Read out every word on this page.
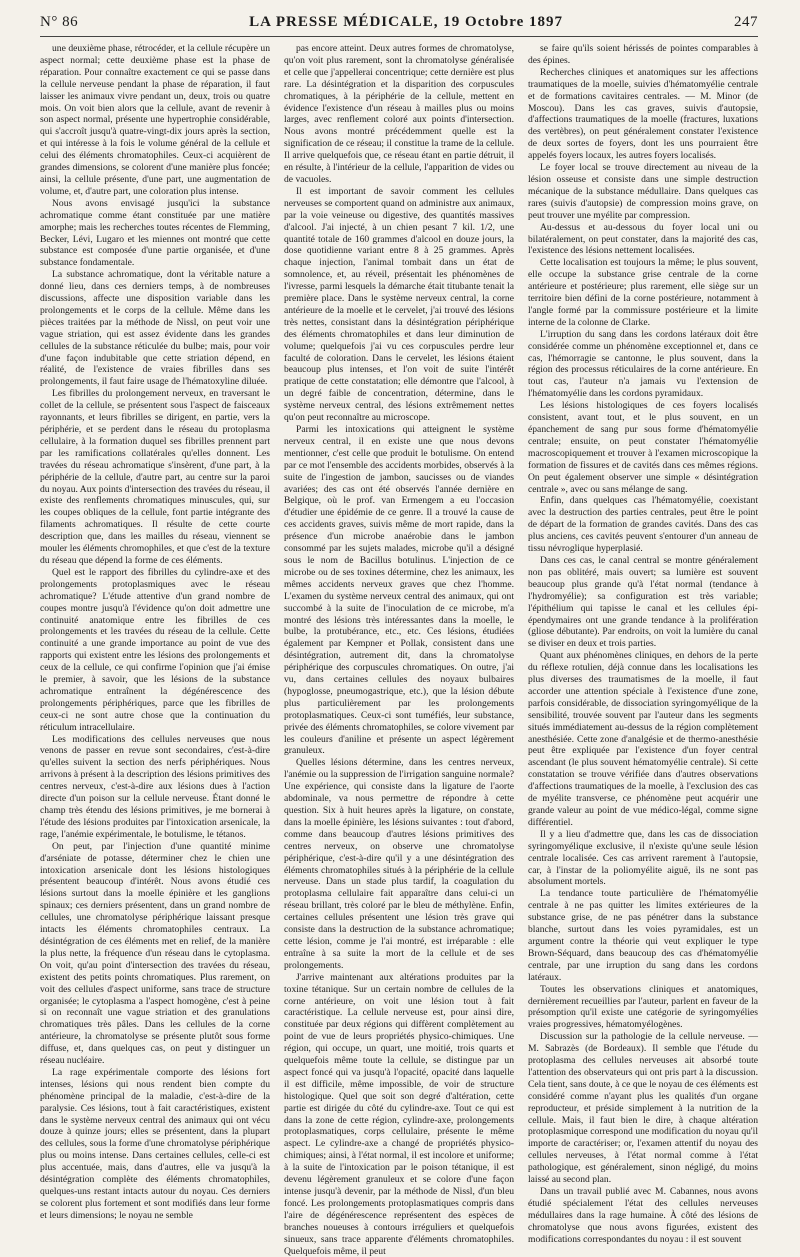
N° 86	LA PRESSE MÉDICALE, 19 Octobre 1897	247

une deuxième phase, rétrocéder, et la cellule récupère un aspect normal; cette deuxième phase est la phase de réparation. Pour connaître exactement ce qui se passe dans la cellule nerveuse pendant la phase de réparation, il faut laisser les animaux vivre pendant un, deux, trois ou quatre mois. On voit bien alors que la cellule, avant de revenir à son aspect normal, présente une hypertrophie considérable, qui s'accroît jusqu'à quatre-vingt-dix jours après la section, et qui intéresse à la fois le volume général de la cellule et celui des éléments chromatophiles. Ceux-ci acquièrent de grandes dimensions, se colorent d'une manière plus foncée; ainsi, la cellule présente, d'une part, une augmentation de volume, et, d'autre part, une coloration plus intense.

Nous avons envisagé jusqu'ici la substance achromatique comme étant constituée par une matière amorphe; mais les recherches toutes récentes de Flemming, Becker, Lévi, Lugaro et les miennes ont montré que cette substance est composée d'une partie organisée, et d'une substance fondamentale.

La substance achromatique, dont la véritable nature a donné lieu, dans ces derniers temps, à de nombreuses discussions, affecte une disposition variable dans les prolongements et le corps de la cellule. Même dans les pièces traitées par la méthode de Nissl, on peut voir une vague striation, qui est assez évidente dans les grandes cellules de la substance réticulée du bulbe; mais, pour voir d'une façon indubitable que cette striation dépend, en réalité, de l'existence de vraies fibrilles dans ses prolongements, il faut faire usage de l'hématoxyline diluée.

Les fibrilles du prolongement nerveux, en traversant le collet de la cellule, se présentent sous l'aspect de faisceaux rayonnants, et leurs fibrilles se dirigent, en partie, vers la périphérie, et se perdent dans le réseau du protoplasma cellulaire, à la formation duquel ses fibrilles prennent part par les ramifications collatérales qu'elles donnent. Les travées du réseau achromatique s'insèrent, d'une part, à la périphérie de la cellule, d'autre part, au centre sur la paroi du noyau. Aux points d'intersection des travées du réseau, il existe des renflements chromatiques minuscules, qui, sur les coupes obliques de la cellule, font partie intégrante des filaments achromatiques. Il résulte de cette courte description que, dans les mailles du réseau, viennent se mouler les éléments chromophiles, et que c'est de la texture du réseau que dépend la forme de ces éléments.

Quel est le rapport des fibrilles du cylindre-axe et des prolongements protoplasmiques avec le réseau achromatique? L'étude attentive d'un grand nombre de coupes montre jusqu'à l'évidence qu'on doit admettre une continuité anatomique entre les fibrilles de ces prolongements et les travées du réseau de la cellule. Cette continuité a une grande importance au point de vue des rapports qui existent entre les lésions des prolongements et ceux de la cellule, ce qui confirme l'opinion que j'ai émise le premier, à savoir, que les lésions de la substance achromatique entraînent la dégénérescence des prolongements périphériques, parce que les fibrilles de ceux-ci ne sont autre chose que la continuation du réticulum intracellulaire.

Les modifications des cellules nerveuses que nous venons de passer en revue sont secondaires, c'est-à-dire qu'elles suivent la section des nerfs périphériques. Nous arrivons à présent à la description des lésions primitives des centres nerveux, c'est-à-dire aux lésions dues à l'action directe d'un poison sur la cellule nerveuse. Étant donné le champ très étendu des lésions primitives, je me bornerai à l'étude des lésions produites par l'intoxication arsenicale, la rage, l'anémie expérimentale, le botulisme, le tétanos.

On peut, par l'injection d'une quantité minime d'arséniate de potasse, déterminer chez le chien une intoxication arsenicale dont les lésions histologiques présentent beaucoup d'intérêt. Nous avons étudié ces lésions surtout dans la moelle épinière et les ganglions spinaux; ces derniers présentent, dans un grand nombre de cellules, une chromatolyse périphérique laissant presque intacts les éléments chromatophiles centraux. La désintégration de ces éléments met en relief, de la manière la plus nette, la fréquence d'un réseau dans le cytoplasma. On voit, qu'au point d'intersection des travées du réseau, existent des petits points chromatiques. Plus rarement, on voit des cellules d'aspect uniforme, sans trace de structure organisée; le cytoplasma a l'aspect homogène, c'est à peine si on reconnaît une vague striation et des granulations chromatiques très pâles. Dans les cellules de la corne antérieure, la chromatolyse se présente plutôt sous forme diffuse, et, dans quelques cas, on peut y distinguer un réseau nucléaire.

La rage expérimentale comporte des lésions fort intenses, lésions qui nous rendent bien compte du phénomène principal de la maladie, c'est-à-dire de la paralysie. Ces lésions, tout à fait caractéristiques, existent dans le système nerveux central des animaux qui ont vécu douze à quinze jours; elles se présentent, dans la plupart des cellules, sous la forme d'une chromatolyse périphérique plus ou moins intense. Dans certaines cellules, celle-ci est plus accentuée, mais, dans d'autres, elle va jusqu'à la désintégration complète des éléments chromatophiles, quelques-uns restant intacts autour du noyau. Ces derniers se colorent plus fortement et sont modifiés dans leur forme et leurs dimensions; le noyau ne semble

pas encore atteint. Deux autres formes de chromatolyse, qu'on voit plus rarement, sont la chromatolyse généralisée et celle que j'appellerai concentrique; cette dernière est plus rare. La désintégration et la disparition des corpuscules chromatiques, à la périphérie de la cellule, mettent en évidence l'existence d'un réseau à mailles plus ou moins larges, avec renflement coloré aux points d'intersection. Nous avons montré précédemment quelle est la signification de ce réseau; il constitue la trame de la cellule. Il arrive quelquefois que, ce réseau étant en partie détruit, il en résulte, à l'intérieur de la cellule, l'apparition de vides ou de vacuoles.

Il est important de savoir comment les cellules nerveuses se comportent quand on administre aux animaux, par la voie veineuse ou digestive, des quantités massives d'alcool. J'ai injecté, à un chien pesant 7 kil. 1/2, une quantité totale de 160 grammes d'alcool en douze jours, la dose quotidienne variant entre 8 à 25 grammes. Après chaque injection, l'animal tombait dans un état de somnolence, et, au réveil, présentait les phénomènes de l'ivresse, parmi lesquels la démarche était titubante tenait la première place. Dans le système nerveux central, la corne antérieure de la moelle et le cervelet, j'ai trouvé des lésions très nettes, consistant dans la désintégration périphérique des éléments chromatophiles et dans leur diminution de volume; quelquefois j'ai vu ces corpuscules perdre leur faculté de coloration. Dans le cervelet, les lésions étaient beaucoup plus intenses, et l'on voit de suite l'intérêt pratique de cette constatation; elle démontre que l'alcool, à un degré faible de concentration, détermine, dans le système nerveux central, des lésions extrêmement nettes qu'on peut reconnaître au microscope.

Parmi les intoxications qui atteignent le système nerveux central, il en existe une que nous devons mentionner, c'est celle que produit le botulisme. On entend par ce mot l'ensemble des accidents morbides, observés à la suite de l'ingestion de jambon, saucisses ou de viandes avariées; des cas ont été observés l'année dernière en Belgique, où le prof. van Ermengem a eu l'occasion d'étudier une épidémie de ce genre. Il a trouvé la cause de ces accidents graves, suivis même de mort rapide, dans la présence d'un microbe anaérobie dans le jambon consommé par les sujets malades, microbe qu'il a désigné sous le nom de Bacillus botulinus. L'injection de ce microbe ou de ses toxines détermine, chez les animaux, les mêmes accidents nerveux graves que chez l'homme. L'examen du système nerveux central des animaux, qui ont succombé à la suite de l'inoculation de ce microbe, m'a montré des lésions très intéressantes dans la moelle, le bulbe, la protubérance, etc., etc. Ces lésions, étudiées également par Kempner et Pollak, consistent dans une désintégration, autrement dit, dans la chromatolyse périphérique des corpuscules chromatiques. On outre, j'ai vu, dans certaines cellules des noyaux bulbaires (hypoglosse, pneumogastrique, etc.), que la lésion débute plus particulièrement par les prolongements protoplasmatiques. Ceux-ci sont tuméfiés, leur substance, privée des éléments chromatophiles, se colore vivement par les couleurs d'aniline et présente un aspect légèrement granuleux.

Quelles lésions détermine, dans les centres nerveux, l'anémie ou la suppression de l'irrigation sanguine normale? Une expérience, qui consiste dans la ligature de l'aorte abdominale, va nous permettre de répondre à cette question. Six à huit heures après la ligature, on constate, dans la moelle épinière, les lésions suivantes : tout d'abord, comme dans beaucoup d'autres lésions primitives des centres nerveux, on observe une chromatolyse périphérique, c'est-à-dire qu'il y a une désintégration des éléments chromatophiles situés à la périphérie de la cellule nerveuse. Dans un stade plus tardif, la coagulation du protoplasma cellulaire fait apparaître dans celui-ci un réseau brillant, très coloré par le bleu de méthylène. Enfin, certaines cellules présentent une lésion très grave qui consiste dans la destruction de la substance achromatique; cette lésion, comme je l'ai montré, est irréparable : elle entraîne à sa suite la mort de la cellule et de ses prolongements.

J'arrive maintenant aux altérations produites par la toxine tétanique. Sur un certain nombre de cellules de la corne antérieure, on voit une lésion tout à fait caractéristique. La cellule nerveuse est, pour ainsi dire, constituée par deux régions qui diffèrent complètement au point de vue de leurs propriétés physico-chimiques. Une région, qui occupe, un quart, une moitié, trois quarts et quelquefois même toute la cellule, se distingue par un aspect foncé qui va jusqu'à l'opacité, opacité dans laquelle il est difficile, même impossible, de voir de structure histologique. Quel que soit son degré d'altération, cette partie est dirigée du côté du cylindre-axe. Tout ce qui est dans la zone de cette région, cylindre-axe, prolongements protoplasmatiques, corps cellulaire, présente le même aspect. Le cylindre-axe a changé de propriétés physico-chimiques; ainsi, à l'état normal, il est incolore et uniforme; à la suite de l'intoxication par le poison tétanique, il est devenu légèrement granuleux et se colore d'une façon intense jusqu'à devenir, par la méthode de Nissl, d'un bleu foncé. Les prolongements protoplasmatiques compris dans l'aire de dégénérescence représentent des espèces de branches noueuses à contours irréguliers et quelquefois sinueux, sans trace apparente d'éléments chromatophiles. Quelquefois même, il peut

se faire qu'ils soient hérissés de pointes comparables à des épines.

Recherches cliniques et anatomiques sur les affections traumatiques de la moelle, suivies d'hématomyélie centrale et de formations cavitaires centrales. — M. Minor (de Moscou). Dans les cas graves, suivis d'autopsie, d'affections traumatiques de la moelle (fractures, luxations des vertèbres), on peut généralement constater l'existence de deux sortes de foyers, dont les uns pourraient être appelés foyers locaux, les autres foyers localisés.

Le foyer local se trouve directement au niveau de la lésion osseuse et consiste dans une simple destruction mécanique de la substance médullaire. Dans quelques cas rares (suivis d'autopsie) de compression moins grave, on peut trouver une myélite par compression.

Au-dessus et au-dessous du foyer local uni ou bilatéralement, on peut constater, dans la majorité des cas, l'existence des lésions nettement localisées.

Cette localisation est toujours la même; le plus souvent, elle occupe la substance grise centrale de la corne antérieure et postérieure; plus rarement, elle siège sur un territoire bien défini de la corne postérieure, notamment à l'angle formé par la commissure postérieure et la limite interne de la colonne de Clarke.

L'irruption du sang dans les cordons latéraux doit être considérée comme un phénomène exceptionnel et, dans ce cas, l'hémorragie se cantonne, le plus souvent, dans la région des processus réticulaires de la corne antérieure. En tout cas, l'auteur n'a jamais vu l'extension de l'hématomyélie dans les cordons pyramidaux.

Les lésions histologiques de ces foyers localisés consistent, avant tout, et le plus souvent, en un épanchement de sang pur sous forme d'hématomyélie centrale; ensuite, on peut constater l'hématomyélie macroscopiquement et trouver à l'examen microscopique la formation de fissures et de cavités dans ces mêmes régions. On peut également observer une simple « désintégration centrale », avec ou sans mélange de sang.

Enfin, dans quelques cas l'hématomyélie, coexistant avec la destruction des parties centrales, peut être le point de départ de la formation de grandes cavités. Dans des cas plus anciens, ces cavités peuvent s'entourer d'un anneau de tissu névroglique hyperplasié.

Dans ces cas, le canal central se montre généralement non pas oblitéré, mais ouvert; sa lumière est souvent beaucoup plus grande qu'à l'état normal (tendance à l'hydromyélie); sa configuration est très variable; l'épithélium qui tapisse le canal et les cellules épi-épendymaires ont une grande tendance à la prolifération (gliose débutante). Par endroits, on voit la lumière du canal se diviser en deux et trois parties.

Quant aux phénomènes cliniques, en dehors de la perte du réflexe rotulien, déjà connue dans les localisations les plus diverses des traumatismes de la moelle, il faut accorder une attention spéciale à l'existence d'une zone, parfois considérable, de dissociation syringomyélique de la sensibilité, trouvée souvent par l'auteur dans les segments situés immédiatement au-dessus de la région complètement anesthésiée. Cette zone d'analgésie et de thermo-anesthésie peut être expliquée par l'existence d'un foyer central ascendant (le plus souvent hématomyélie centrale). Si cette constatation se trouve vérifiée dans d'autres observations d'affections traumatiques de la moelle, à l'exclusion des cas de myélite transverse, ce phénomène peut acquérir une grande valeur au point de vue médico-légal, comme signe différentiel.

Il y a lieu d'admettre que, dans les cas de dissociation syringomyélique exclusive, il n'existe qu'une seule lésion centrale localisée. Ces cas arrivent rarement à l'autopsie, car, à l'instar de la poliomyélite aiguë, ils ne sont pas absolument mortels.

La tendance toute particulière de l'hématomyélie centrale à ne pas quitter les limites extérieures de la substance grise, de ne pas pénétrer dans la substance blanche, surtout dans les voies pyramidales, est un argument contre la théorie qui veut expliquer le type Brown-Séquard, dans beaucoup des cas d'hématomyélie centrale, par une irruption du sang dans les cordons latéraux.

Toutes les observations cliniques et anatomiques, dernièrement recueillies par l'auteur, parlent en faveur de la présomption qu'il existe une catégorie de syringomyélies vraies progressives, hématomyélogènes.

Discussion sur la pathologie de la cellule nerveuse. — M. Sabrazès (de Bordeaux). Il semble que l'étude du protoplasma des cellules nerveuses ait absorbé toute l'attention des observateurs qui ont pris part à la discussion. Cela tient, sans doute, à ce que le noyau de ces éléments est considéré comme n'ayant plus les qualités d'un organe reproducteur, et préside simplement à la nutrition de la cellule. Mais, il faut bien le dire, à chaque altération protoplasmique correspond une modification du noyau qu'il importe de caractériser; or, l'examen attentif du noyau des cellules nerveuses, à l'état normal comme à l'état pathologique, est généralement, sinon négligé, du moins laissé au second plan.

Dans un travail publié avec M. Cabannes, nous avons étudié spécialement l'état des cellules nerveuses médullaires dans la rage humaine. À côté des lésions de chromatolyse que nous avons figurées, existent des modifications correspondantes du noyau : il est souvent
